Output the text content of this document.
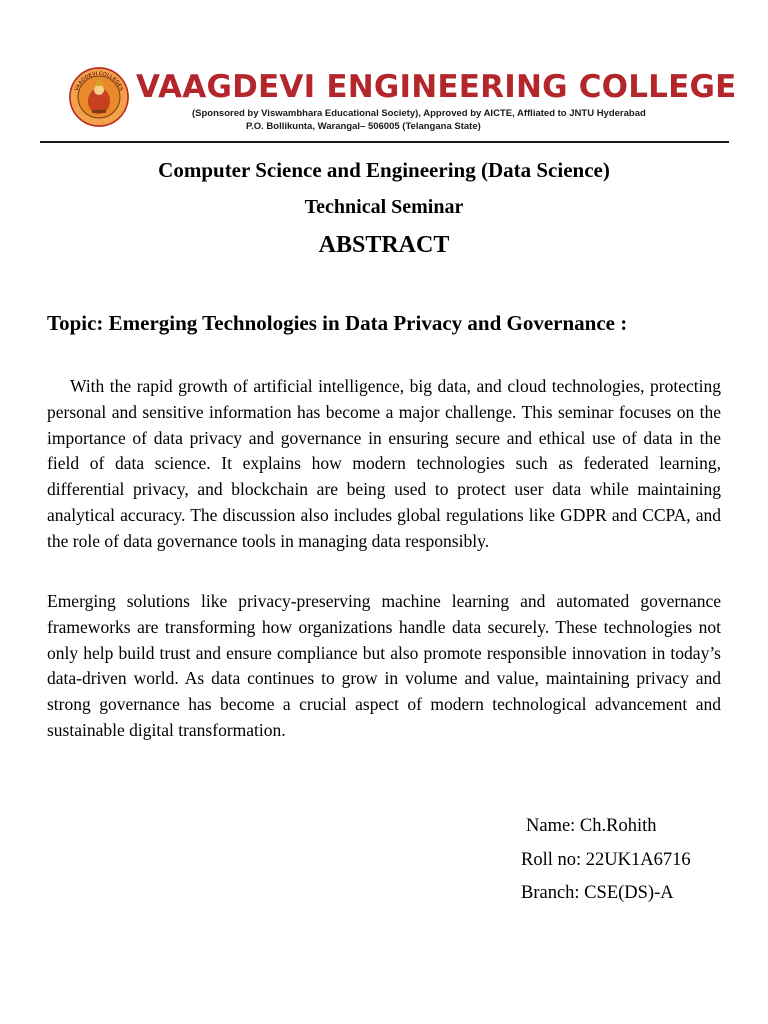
VAAGDEVI COLLEGES VAAGDEVI ENGINEERING COLLEGE
(Sponsored by Viswambhara Educational Society), Approved by AICTE, Affliated to JNTU Hyderabad
P.O. Bollikunta, Warangal– 506005 (Telangana State)
Computer Science and Engineering (Data Science)
Technical Seminar
ABSTRACT
Topic: Emerging Technologies in Data Privacy and Governance :

With the rapid growth of artificial intelligence, big data, and cloud technologies, protecting personal and sensitive information has become a major challenge. This seminar focuses on the importance of data privacy and governance in ensuring secure and ethical use of data in the field of data science. It explains how modern technologies such as federated learning, differential privacy, and blockchain are being used to protect user data while maintaining analytical accuracy. The discussion also includes global regulations like GDPR and CCPA, and the role of data governance tools in managing data responsibly.

Emerging solutions like privacy-preserving machine learning and automated governance frameworks are transforming how organizations handle data securely. These technologies not only help build trust and ensure compliance but also promote responsible innovation in today’s data-driven world. As data continues to grow in volume and value, maintaining privacy and strong governance has become a crucial aspect of modern technological advancement and sustainable digital transformation.

Name: Ch.Rohith
Roll no: 22UK1A6716
Branch: CSE(DS)-A
